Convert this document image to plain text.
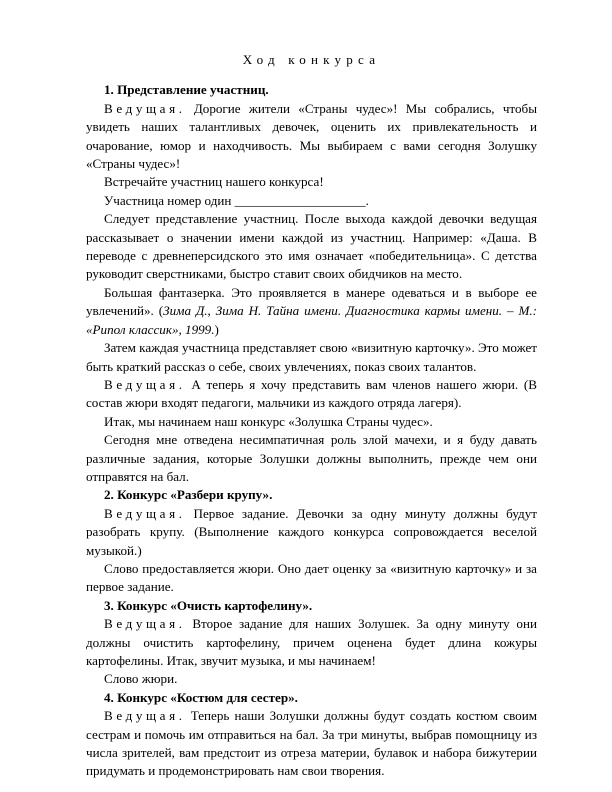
Ход конкурса

1. Представление участниц.

Ведущая. Дорогие жители «Страны чудес»! Мы собрались, чтобы увидеть наших талантливых девочек, оценить их привлекательность и очарование, юмор и находчивость. Мы выбираем с вами сегодня Золушку «Страны чудес»!

Встречайте участниц нашего конкурса!

Участница номер один ____________________.

Следует представление участниц. После выхода каждой девочки ведущая рассказывает о значении имени каждой из участниц. Например: «Даша. В переводе с древнеперсидского это имя означает «победительница». С детства руководит сверстниками, быстро ставит своих обидчиков на место.

Большая фантазерка. Это проявляется в манере одеваться и в выборе ее увлечений». (Зима Д., Зима Н. Тайна имени. Диагностика кармы имени. – М.: «Рипол классик», 1999.)

Затем каждая участница представляет свою «визитную карточку». Это может быть краткий рассказ о себе, своих увлечениях, показ своих талантов.

Ведущая. А теперь я хочу представить вам членов нашего жюри. (В состав жюри входят педагоги, мальчики из каждого отряда лагеря).

Итак, мы начинаем наш конкурс «Золушка Страны чудес».

Сегодня мне отведена несимпатичная роль злой мачехи, и я буду давать различные задания, которые Золушки должны выполнить, прежде чем они отправятся на бал.

2. Конкурс «Разбери крупу».

Ведущая. Первое задание. Девочки за одну минуту должны будут разобрать крупу. (Выполнение каждого конкурса сопровождается веселой музыкой.)

Слово предоставляется жюри. Оно дает оценку за «визитную карточку» и за первое задание.

3. Конкурс «Очисть картофелину».

Ведущая. Второе задание для наших Золушек. За одну минуту они должны очистить картофелину, причем оценена будет длина кожуры картофелины. Итак, звучит музыка, и мы начинаем!

Слово жюри.

4. Конкурс «Костюм для сестер».

Ведущая. Теперь наши Золушки должны будут создать костюм своим сестрам и помочь им отправиться на бал. За три минуты, выбрав помощницу из числа зрителей, вам предстоит из отреза материи, булавок и набора бижутерии придумать и продемонстрировать нам свои творения.
